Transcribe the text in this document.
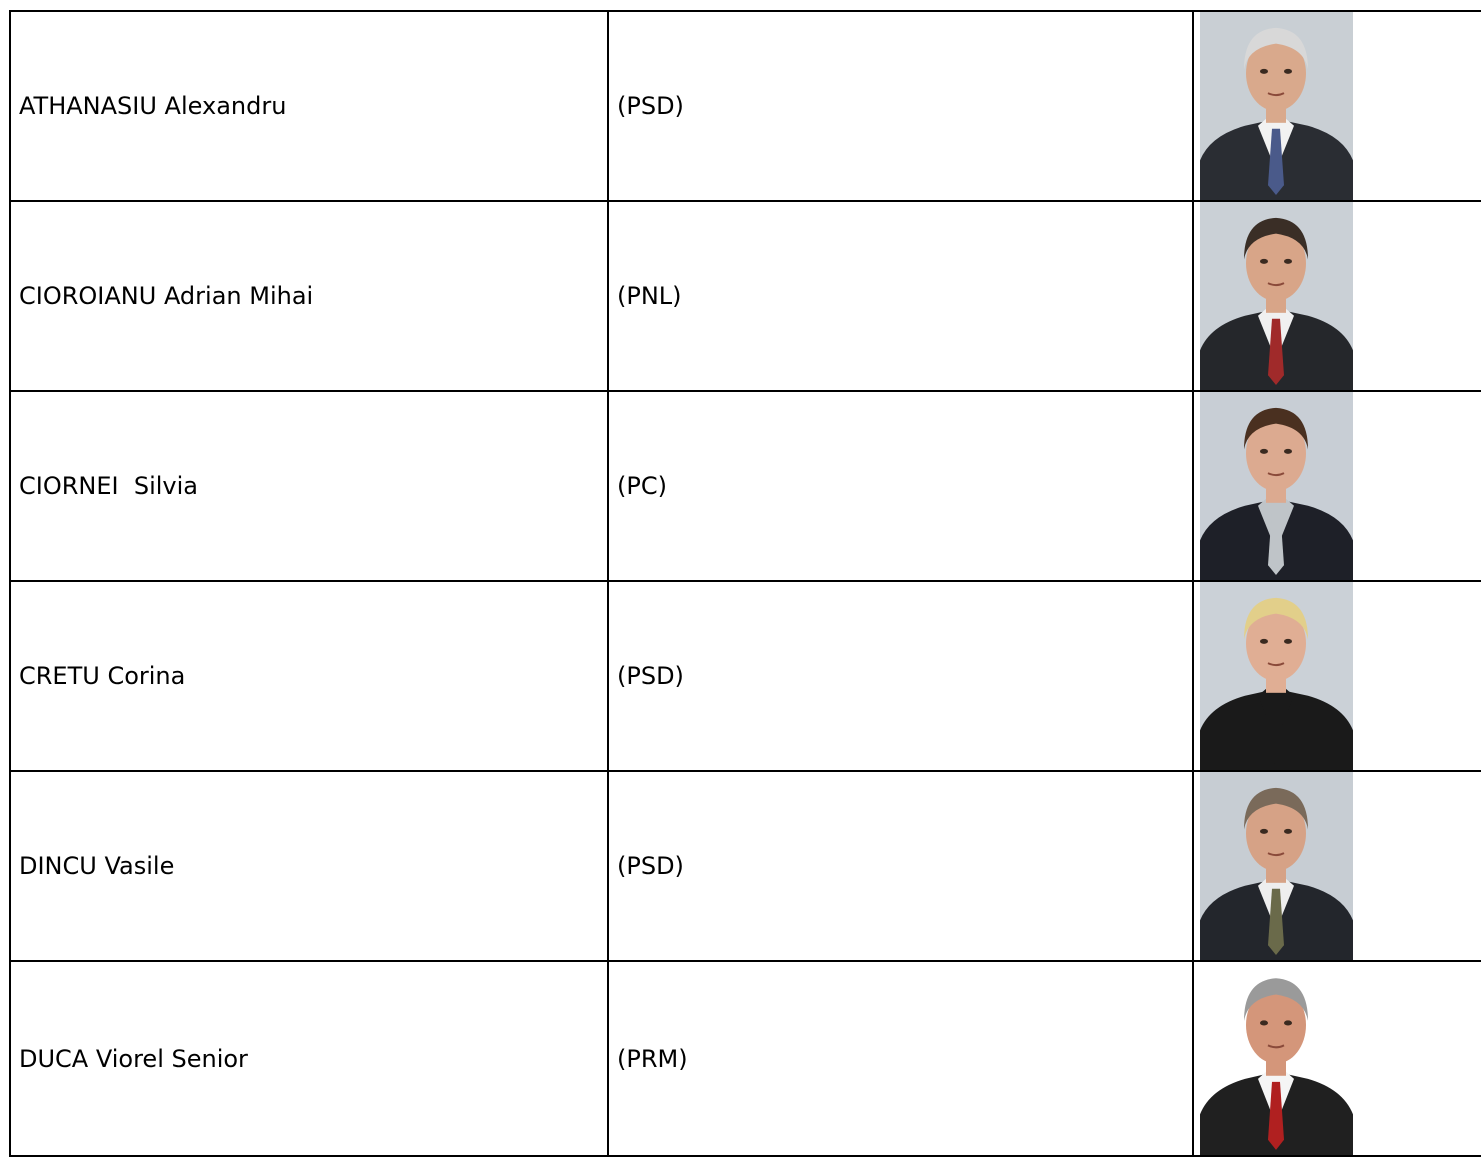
ATHANASIU Alexandru	(PSD)	

CIOROIANU Adrian Mihai	(PNL)	

CIORNEI  Silvia	(PC)	

CRETU Corina	(PSD)	

DINCU Vasile	(PSD)	

DUCA Viorel Senior	(PRM)	
